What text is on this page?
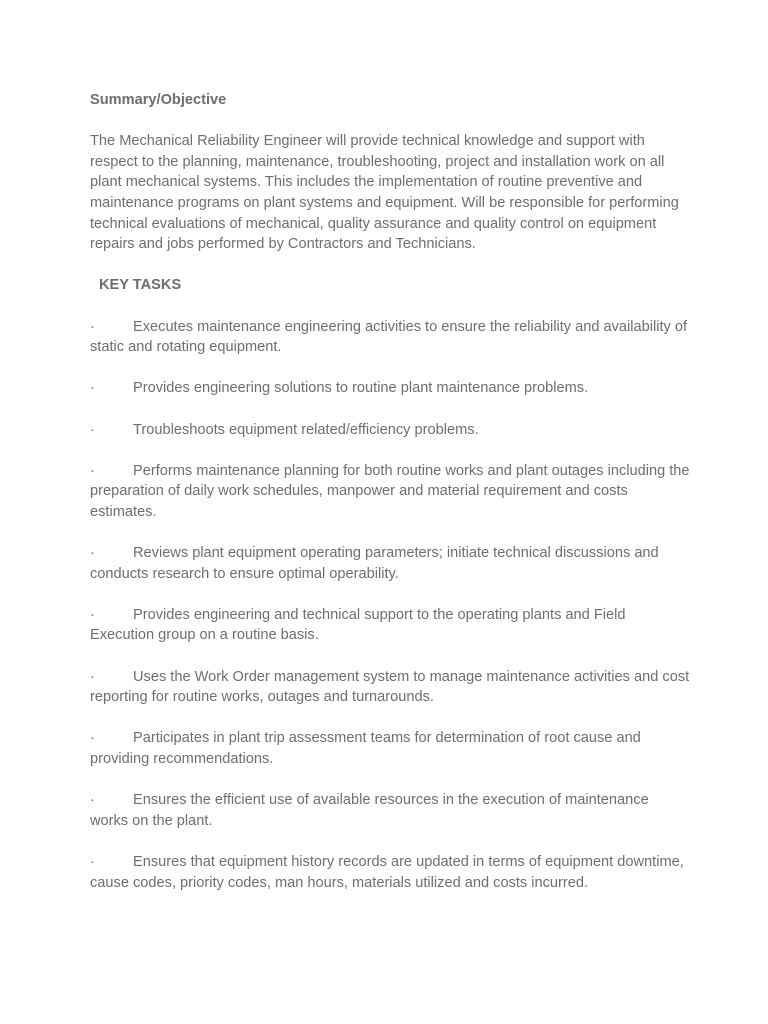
Summary/Objective

The Mechanical Reliability Engineer will provide technical knowledge and support with respect to the planning, maintenance, troubleshooting, project and installation work on all plant mechanical systems. This includes the implementation of routine preventive and maintenance programs on plant systems and equipment. Will be responsible for performing technical evaluations of mechanical, quality assurance and quality control on equipment repairs and jobs performed by Contractors and Technicians.

KEY TASKS

·	Executes maintenance engineering activities to ensure the reliability and availability of static and rotating equipment.
·	Provides engineering solutions to routine plant maintenance problems.
·	Troubleshoots equipment related/efficiency problems.
·	Performs maintenance planning for both routine works and plant outages including the preparation of daily work schedules, manpower and material requirement and costs estimates.
·	Reviews plant equipment operating parameters; initiate technical discussions and conducts research to ensure optimal operability.
·	Provides engineering and technical support to the operating plants and Field Execution group on a routine basis.
·	Uses the Work Order management system to manage maintenance activities and cost reporting for routine works, outages and turnarounds.
·	Participates in plant trip assessment teams for determination of root cause and providing recommendations.
·	Ensures the efficient use of available resources in the execution of maintenance works on the plant.
·	Ensures that equipment history records are updated in terms of equipment downtime, cause codes, priority codes, man hours, materials utilized and costs incurred.
